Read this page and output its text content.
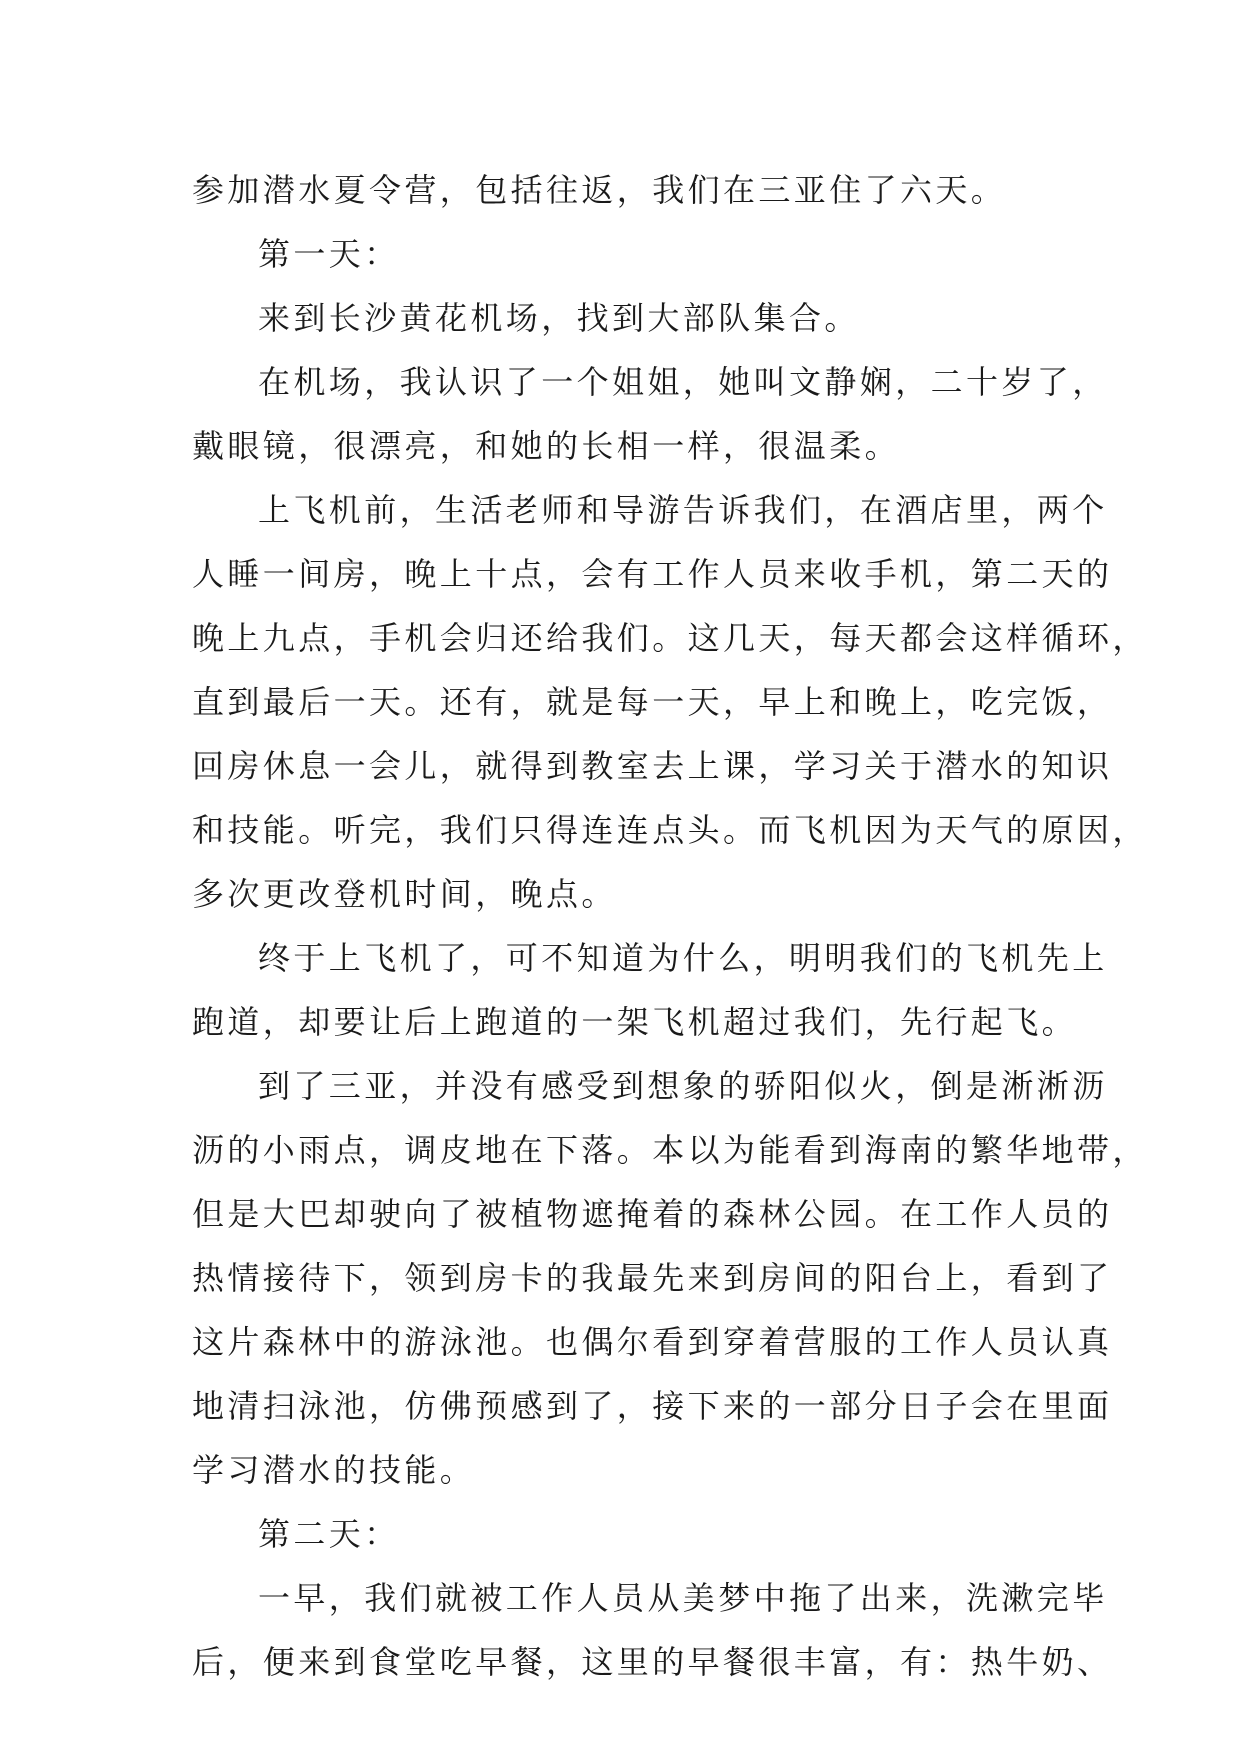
参加潜水夏令营，包括往返，我们在三亚住了六天。
第一天：
来到长沙黄花机场，找到大部队集合。
在机场，我认识了一个姐姐，她叫文静娴，二十岁了，
戴眼镜，很漂亮，和她的长相一样，很温柔。
上飞机前，生活老师和导游告诉我们，在酒店里，两个
人睡一间房，晚上十点，会有工作人员来收手机，第二天的
晚上九点，手机会归还给我们。这几天，每天都会这样循环，
直到最后一天。还有，就是每一天，早上和晚上，吃完饭，
回房休息一会儿，就得到教室去上课，学习关于潜水的知识
和技能。听完，我们只得连连点头。而飞机因为天气的原因，
多次更改登机时间，晚点。
终于上飞机了，可不知道为什么，明明我们的飞机先上
跑道，却要让后上跑道的一架飞机超过我们，先行起飞。
到了三亚，并没有感受到想象的骄阳似火，倒是淅淅沥
沥的小雨点，调皮地在下落。本以为能看到海南的繁华地带，
但是大巴却驶向了被植物遮掩着的森林公园。在工作人员的
热情接待下，领到房卡的我最先来到房间的阳台上，看到了
这片森林中的游泳池。也偶尔看到穿着营服的工作人员认真
地清扫泳池，仿佛预感到了，接下来的一部分日子会在里面
学习潜水的技能。
第二天：
一早，我们就被工作人员从美梦中拖了出来，洗漱完毕
后，便来到食堂吃早餐，这里的早餐很丰富，有：热牛奶、
